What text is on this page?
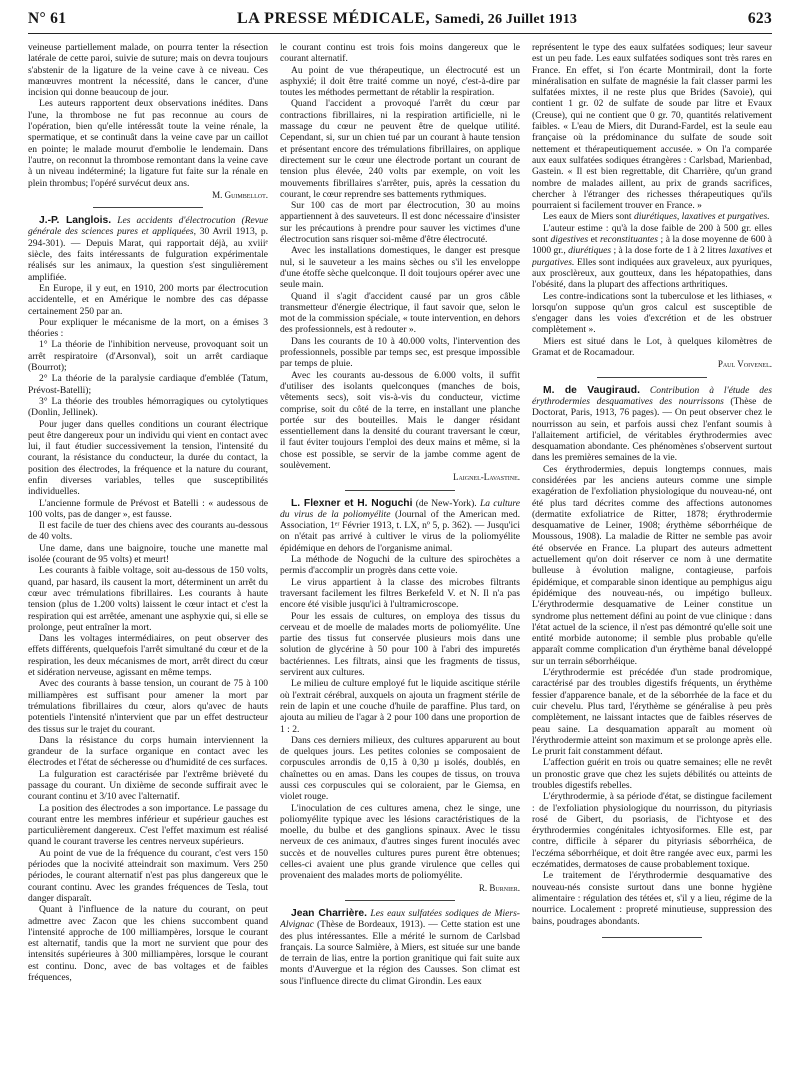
N° 61	LA PRESSE MÉDICALE, Samedi, 26 Juillet 1913	623

veineuse partiellement malade, on pourra tenter la résection latérale de cette paroi, suivie de suture; mais on devra toujours s'abstenir de la ligature de la veine cave à ce niveau. Ces manœuvres montrent la nécessité, dans le cancer, d'une incision qui donne beaucoup de jour.

Les auteurs rapportent deux observations inédites. Dans l'une, la thrombose ne fut pas reconnue au cours de l'opération, bien qu'elle intéressât toute la veine rénale, la spermatique, et se continuât dans la veine cave par un caillot en pointe; le malade mourut d'embolie le lendemain. Dans l'autre, on reconnut la thrombose remontant dans la veine cave à un niveau indéterminé; la ligature fut faite sur la rénale en plein thrombus; l'opéré survécut deux ans.

M. Guimbellot.

J.-P. Langlois. Les accidents d'électrocution (Revue générale des sciences pures et appliquées, 30 Avril 1913, p. 294-301). — Depuis Marat, qui rapportait déjà, au xviiiᵉ siècle, des faits intéressants de fulguration expérimentale réalisés sur les animaux, la question s'est singulièrement amplifiée.

En Europe, il y eut, en 1910, 200 morts par électrocution accidentelle, et en Amérique le nombre des cas dépasse certainement 250 par an.

Pour expliquer le mécanisme de la mort, on a émises 3 théories :

1° La théorie de l'inhibition nerveuse, provoquant soit un arrêt respiratoire (d'Arsonval), soit un arrêt cardiaque (Bourrot);

2° La théorie de la paralysie cardiaque d'emblée (Tatum, Prévost-Batelli);

3° La théorie des troubles hémorragiques ou cytolytiques (Donlin, Jellinek).

Pour juger dans quelles conditions un courant électrique peut être dangereux pour un individu qui vient en contact avec lui, il faut étudier successivement la tension, l'intensité du courant, la résistance du conducteur, la durée du contact, la position des électrodes, la fréquence et la nature du courant, enfin diverses variables, telles que susceptibilités individuelles.

L'ancienne formule de Prévost et Batelli : « audessous de 100 volts, pas de danger », est fausse.

Il est facile de tuer des chiens avec des courants au-dessous de 40 volts.

Une dame, dans une baignoire, touche une manette mal isolée (courant de 95 volts) et meurt!

Les courants à faible voltage, soit au-dessous de 150 volts, quand, par hasard, ils causent la mort, déterminent un arrêt du cœur avec trémulations fibrillaires. Les courants à haute tension (plus de 1.200 volts) laissent le cœur intact et c'est la respiration qui est arrêtée, amenant une asphyxie qui, si elle se prolonge, peut entraîner la mort.

Dans les voltages intermédiaires, on peut observer des effets différents, quelquefois l'arrêt simultané du cœur et de la respiration, les deux mécanismes de mort, arrêt direct du cœur et sidération nerveuse, agissant en même temps.

Avec des courants à basse tension, un courant de 75 à 100 milliampères est suffisant pour amener la mort par trémulations fibrillaires du cœur, alors qu'avec de hauts potentiels l'intensité n'intervient que par un effet destructeur des tissus sur le trajet du courant.

Dans la résistance du corps humain interviennent la grandeur de la surface organique en contact avec les électrodes et l'état de sécheresse ou d'humidité de ces surfaces.

La fulguration est caractérisée par l'extrême brièveté du passage du courant. Un dixième de seconde suffirait avec le courant continu et 3/10 avec l'alternatif.

La position des électrodes a son importance. Le passage du courant entre les membres inférieur et supérieur gauches est particulièrement dangereux. C'est l'effet maximum est réalisé quand le courant traverse les centres nerveux supérieurs.

Au point de vue de la fréquence du courant, c'est vers 150 périodes que la nocivité atteindrait son maximum. Vers 250 périodes, le courant alternatif n'est pas plus dangereux que le courant continu. Avec les grandes fréquences de Tesla, tout danger disparaît.

Quant à l'influence de la nature du courant, on peut admettre avec Zacon que les chiens succombent quand l'intensité approche de 100 milliampères, lorsque le courant est alternatif, tandis que la mort ne survient que pour des intensités supérieures à 300 milliampères, lorsque le courant est continu. Donc, avec de bas voltages et de faibles fréquences,

le courant continu est trois fois moins dangereux que le courant alternatif.

Au point de vue thérapeutique, un électrocuté est un asphyxié; il doit être traité comme un noyé, c'est-à-dire par toutes les méthodes permettant de rétablir la respiration.

Quand l'accident a provoqué l'arrêt du cœur par contractions fibrillaires, ni la respiration artificielle, ni le massage du cœur ne peuvent être de quelque utilité. Cependant, si, sur un chien tué par un courant à haute tension et présentant encore des trémulations fibrillaires, on applique directement sur le cœur une électrode portant un courant de tension plus élevée, 240 volts par exemple, on voit les mouvements fibrillaires s'arrêter, puis, après la cessation du courant, le cœur reprendre ses battements rythmiques.

Sur 100 cas de mort par électrocution, 30 au moins appartiennent à des sauveteurs. Il est donc nécessaire d'insister sur les précautions à prendre pour sauver les victimes d'une électrocution sans risquer soi-même d'être électrocuté.

Avec les installations domestiques, le danger est presque nul, si le sauveteur a les mains sèches ou s'il les enveloppe d'une étoffe sèche quelconque. Il doit toujours opérer avec une seule main.

Quand il s'agit d'accident causé par un gros câble transmetteur d'énergie électrique, il faut savoir que, selon le mot de la commission spéciale, « toute intervention, en dehors des professionnels, est à redouter ».

Dans les courants de 10 à 40.000 volts, l'intervention des professionnels, possible par temps sec, est presque impossible par temps de pluie.

Avec les courants au-dessous de 6.000 volts, il suffit d'utiliser des isolants quelconques (manches de bois, vêtements secs), soit vis-à-vis du conducteur, victime comprise, soit du côté de la terre, en installant une planche portée sur des bouteilles. Mais le danger résidant essentiellement dans la densité du courant traversant le cœur, il faut éviter toujours l'emploi des deux mains et même, si la chose est possible, se servir de la jambe comme agent de soulèvement.

Laignel-Lavastine.

L. Flexner et H. Noguchi (de New-York). La culture du virus de la poliomyélite (Journal of the American med. Association, 1ᵉʳ Février 1913, t. LX, nº 5, p. 362). — Jusqu'ici on n'était pas arrivé à cultiver le virus de la poliomyélite épidémique en dehors de l'organisme animal.

La méthode de Noguchi de la culture des spirochètes a permis d'accomplir un progrès dans cette voie.

Le virus appartient à la classe des microbes filtrants traversant facilement les filtres Berkefeld V. et N. Il n'a pas encore été visible jusqu'ici à l'ultramicroscope.

Pour les essais de cultures, on employa des tissus du cerveau et de moelle de malades morts de poliomyélite. Une partie des tissus fut conservée plusieurs mois dans une solution de glycérine à 50 pour 100 à l'abri des impuretés bactériennes. Les filtrats, ainsi que les fragments de tissus, servirent aux cultures.

Le milieu de culture employé fut le liquide ascitique stérile où l'extrait cérébral, auxquels on ajouta un fragment stérile de rein de lapin et une couche d'huile de paraffine. Plus tard, on ajouta au milieu de l'agar à 2 pour 100 dans une proportion de 1 : 2.

Dans ces derniers milieux, des cultures apparurent au bout de quelques jours. Les petites colonies se composaient de corpuscules arrondis de 0,15 à 0,30 µ isolés, doublés, en chaînettes ou en amas. Dans les coupes de tissus, on trouva aussi ces corpuscules qui se coloraient, par le Giemsa, en violet rouge.

L'inoculation de ces cultures amena, chez le singe, une poliomyélite typique avec les lésions caractéristiques de la moelle, du bulbe et des ganglions spinaux. Avec le tissu nerveux de ces animaux, d'autres singes furent inoculés avec succès et de nouvelles cultures pures purent être obtenues; celles-ci avaient une plus grande virulence que celles qui provenaient des malades morts de poliomyélite.

R. Burnier.

Jean Charrière. Les eaux sulfatées sodiques de Miers-Alvignac (Thèse de Bordeaux, 1913). — Cette station est une des plus intéressantes. Elle a mérité le surnom de Carlsbad français. La source Salmière, à Miers, est située sur une bande de terrain de lias, entre la portion granitique qui fait suite aux monts d'Auvergue et la région des Causses. Son climat est sous l'influence directe du climat Girondin. Les eaux

représentent le type des eaux sulfatées sodiques; leur saveur est un peu fade. Les eaux sulfatées sodiques sont très rares en France. En effet, si l'on écarte Montmirail, dont la forte minéralisation en sulfate de magnésie la fait classer parmi les sulfatées mixtes, il ne reste plus que Brides (Savoie), qui contient 1 gr. 02 de sulfate de soude par litre et Evaux (Creuse), qui ne contient que 0 gr. 70, quantités relativement faibles. « L'eau de Miers, dit Durand-Fardel, est la seule eau française où la prédominance du sulfate de soude soit nettement et thérapeutiquement accusée. » On l'a comparée aux eaux sulfatées sodiques étrangères : Carlsbad, Marienbad, Gastein. « Il est bien regrettable, dit Charrière, qu'un grand nombre de malades aillent, au prix de grands sacrifices, chercher à l'étranger des richesses thérapeutiques qu'ils pourraient si facilement trouver en France. »

Les eaux de Miers sont diurétiques, laxatives et purgatives.

L'auteur estime : qu'à la dose faible de 200 à 500 gr. elles sont digestives et reconstituantes ; à la dose moyenne de 600 à 1000 gr., diurétiques ; à la dose forte de 1 à 2 litres laxatives et purgatives. Elles sont indiquées aux graveleux, aux pyuriques, aux prosclèreux, aux goutteux, dans les hépatopathies, dans l'obésité, dans la plupart des affections arthritiques.

Les contre-indications sont la tuberculose et les lithiases, « lorsqu'on suppose qu'un gros calcul est susceptible de s'engager dans les voies d'excrétion et de les obstruer complètement ».

Miers est situé dans le Lot, à quelques kilomètres de Gramat et de Rocamadour.

Paul Voivenel.

M. de Vaugiraud. Contribution à l'étude des érythrodermies desquamatives des nourrissons (Thèse de Doctorat, Paris, 1913, 76 pages). — On peut observer chez le nourrisson au sein, et parfois aussi chez l'enfant soumis à l'allaitement artificiel, de véritables érythrodermies avec desquamation abondante. Ces phénomènes s'observent surtout dans les premières semaines de la vie.

Ces érythrodermies, depuis longtemps connues, mais considérées par les anciens auteurs comme une simple exagération de l'exfoliation physiologique du nouveau-né, ont été plus tard décrites comme des affections autonomes (dermatite exfoliatrice de Ritter, 1878; érythrodermie desquamative de Leiner, 1908; érythème séborrhéique de Moussous, 1908). La maladie de Ritter ne semble pas avoir été observée en France. La plupart des auteurs admettent actuellement qu'on doit réserver ce nom à une dermatite bulleuse à évolution maligne, contagieuse, parfois épidémique, et comparable sinon identique au pemphigus aigu épidémique des nouveau-nés, ou impétigo bulleux. L'érythrodermie desquamative de Leiner constitue un syndrome plus nettement défini au point de vue clinique : dans l'état actuel de la science, il n'est pas démontré qu'elle soit une entité morbide autonome; il semble plus probable qu'elle apparaît comme complication d'un érythème banal développé sur un terrain séborrhéique.

L'érythrodermie est précédée d'un stade prodromique, caractérisé par des troubles digestifs fréquents, un érythème fessier d'apparence banale, et de la séborrhée de la face et du cuir chevelu. Plus tard, l'érythème se généralise à peu près complètement, ne laissant intactes que de faibles réserves de peau saine. La desquamation apparaît au moment où l'érythrodermie atteint son maximum et se prolonge après elle. Le prurit fait constamment défaut.

L'affection guérit en trois ou quatre semaines; elle ne revêt un pronostic grave que chez les sujets débilités ou atteints de troubles digestifs rebelles.

L'érythrodermie, à sa période d'état, se distingue facilement : de l'exfoliation physiologique du nourrisson, du pityriasis rosé de Gibert, du psoriasis, de l'ichtyose et des érythrodermies congénitales ichtyosiformes. Elle est, par contre, difficile à séparer du pityriasis séborrhéica, de l'eczéma séborrhéique, et doit être rangée avec eux, parmi les eczématides, dermatoses de cause probablement toxique.

Le traitement de l'érythrodermie desquamative des nouveau-nés consiste surtout dans une bonne hygiène alimentaire : régulation des tétées et, s'il y a lieu, régime de la nourrice. Localement : propreté minutieuse, suppression des bains, poudrages abondants.
